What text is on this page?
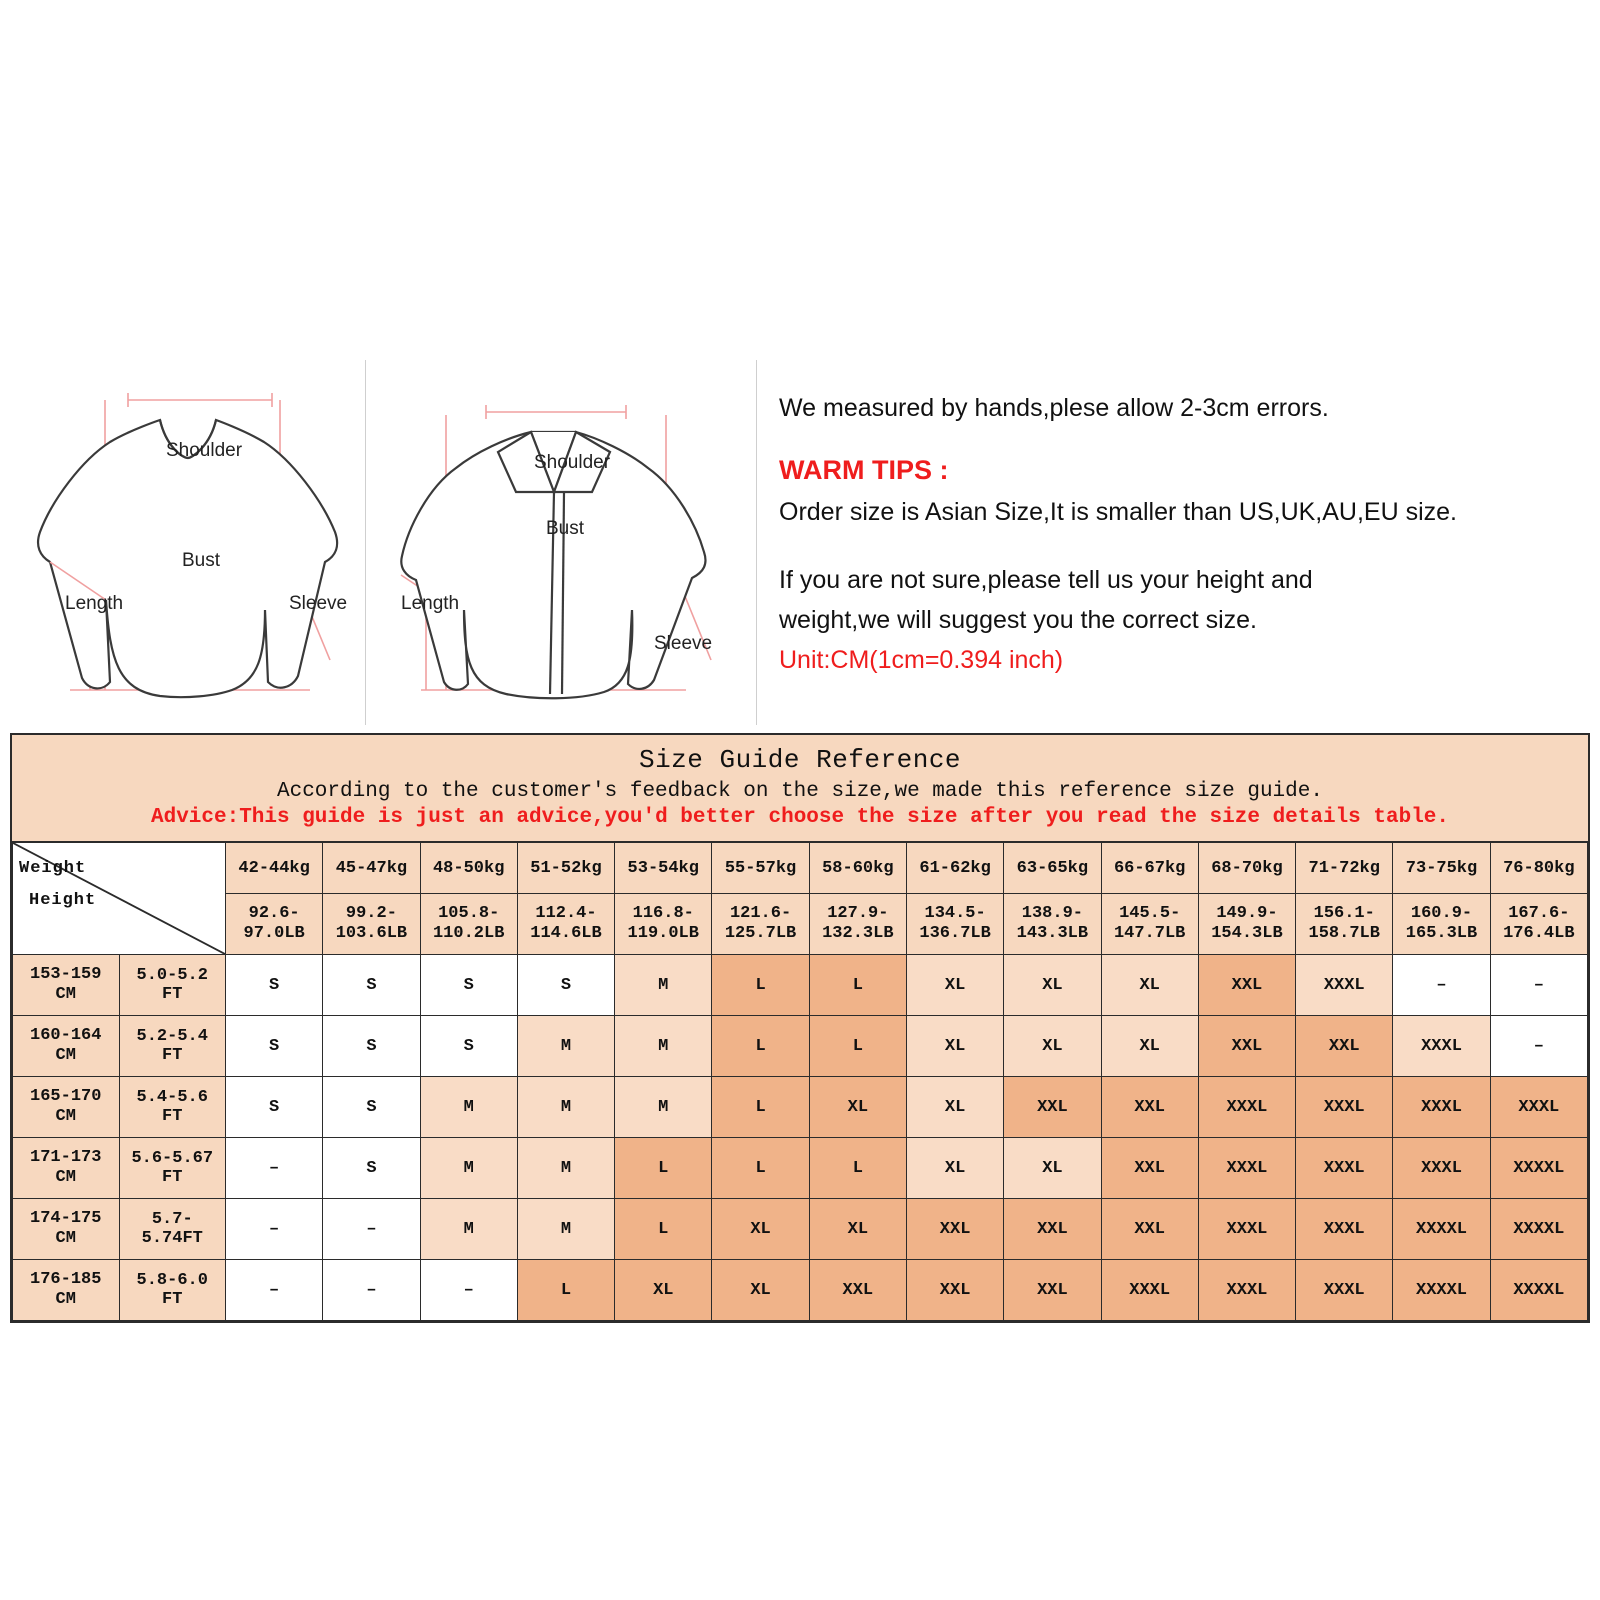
Shoulder
Bust
Length	Sleeve
Shoulder
Bust
Length
Sleeve
We measured by hands,plese allow 2-3cm errors.
WARM TIPS :
Order size is Asian Size,It is smaller than US,UK,AU,EU size.
If you are not sure,please tell us your height and
weight,we will suggest you the correct size.
Unit:CM(1cm=0.394 inch)
Size Guide Reference
According to the customer's feedback on the size,we made this reference size guide.
Advice:This guide is just an advice,you'd better choose the size after you read the size details table.
Weight
Height		42-44kg	45-47kg	48-50kg	51-52kg	53-54kg	55-57kg	58-60kg	61-62kg	63-65kg	66-67kg	68-70kg	71-72kg	73-75kg	76-80kg
		92.6-
97.0LB	99.2-
103.6LB	105.8-
110.2LB	112.4-
114.6LB	116.8-
119.0LB	121.6-
125.7LB	127.9-
132.3LB	134.5-
136.7LB	138.9-
143.3LB	145.5-
147.7LB	149.9-
154.3LB	156.1-
158.7LB	160.9-
165.3LB	167.6-
176.4LB
153-159
CM	5.0-5.2 FT	S	S	S	S	M	L	L	XL	XL	XL	XXL	XXXL	–	–
160-164
CM	5.2-5.4 FT	S	S	S	M	M	L	L	XL	XL	XL	XXL	XXL	XXXL	–
165-170
CM	5.4-5.6 FT	S	S	M	M	M	L	XL	XL	XXL	XXL	XXXL	XXXL	XXXL	XXXL
171-173
CM	5.6-5.67 FT	–	S	M	M	L	L	L	XL	XL	XXL	XXXL	XXXL	XXXL	XXXXL
174-175
CM	5.7-5.74FT	–	–	M	M	L	XL	XL	XXL	XXL	XXL	XXXL	XXXL	XXXXL	XXXXL
176-185
CM	5.8-6.0 FT	–	–	–	L	XL	XL	XXL	XXL	XXL	XXXL	XXXL	XXXL	XXXXL	XXXXL
